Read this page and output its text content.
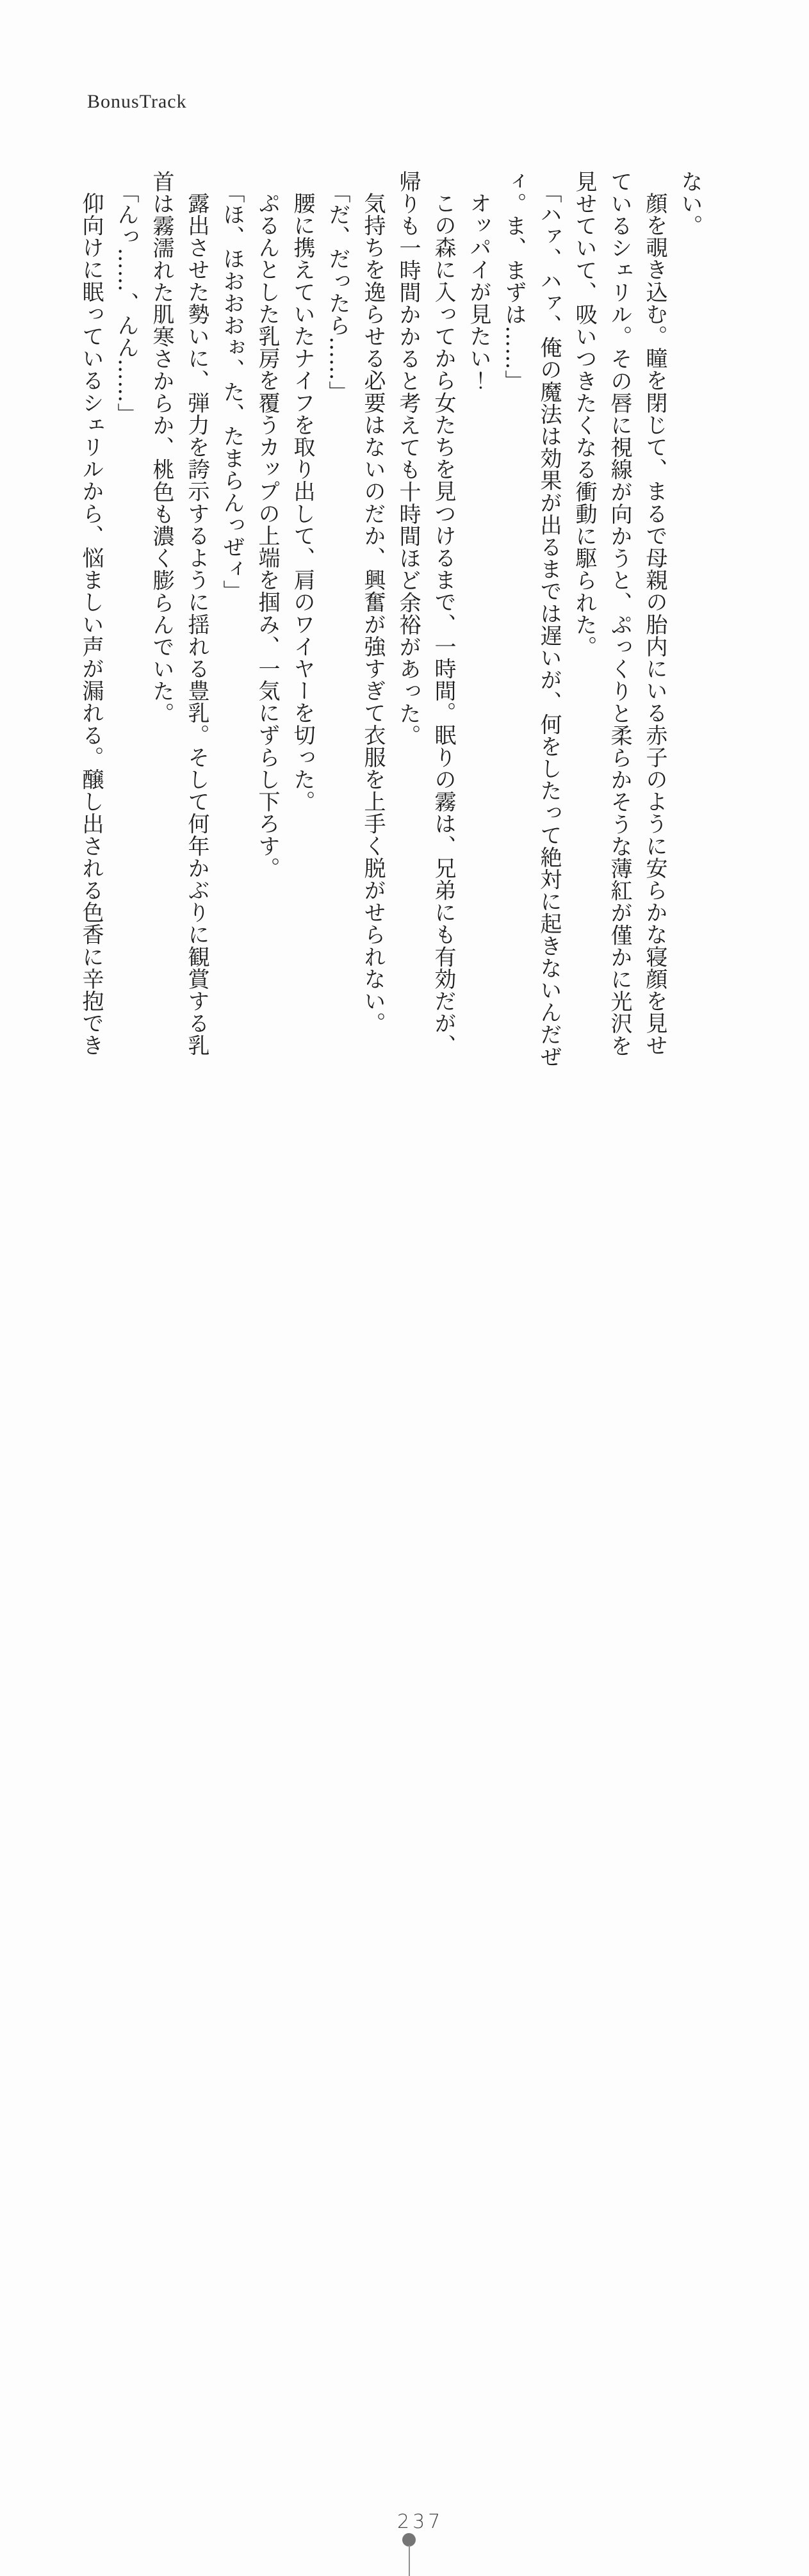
BonusTrack
ない。
顔を覗き込む。瞳を閉じて、まるで母親の胎内にいる赤子のように安らかな寝顔を見せ
ているシェリル。その唇に視線が向かうと、ぷっくりと柔らかそうな薄紅が僅かに光沢を
見せていて、吸いつきたくなる衝動に駆られた。
「ハァ、ハァ、俺の魔法は効果が出るまでは遅いが、何をしたって絶対に起きないんだぜ
ィ。ま、まずは……」
オッパイが見たい！
この森に入ってから女たちを見つけるまで、一時間。眠りの霧は、兄弟にも有効だが、
帰りも一時間かかると考えても十時間ほど余裕があった。
気持ちを逸らせる必要はないのだか、興奮が強すぎて衣服を上手く脱がせられない。
「だ、だったら……」
腰に携えていたナイフを取り出して、肩のワイヤーを切った。
ぷるんとした乳房を覆うカップの上端を掴み、一気にずらし下ろす。
「ほ、ほおおおぉ、た、たまらんっぜィ」
露出させた勢いに、弾力を誇示するように揺れる豊乳。そして何年かぶりに観賞する乳
首は霧濡れた肌寒さからか、桃色も濃く膨らんでいた。
「んっ……、んん……」
仰向けに眠っているシェリルから、悩ましい声が漏れる。醸し出される色香に辛抱でき
237
